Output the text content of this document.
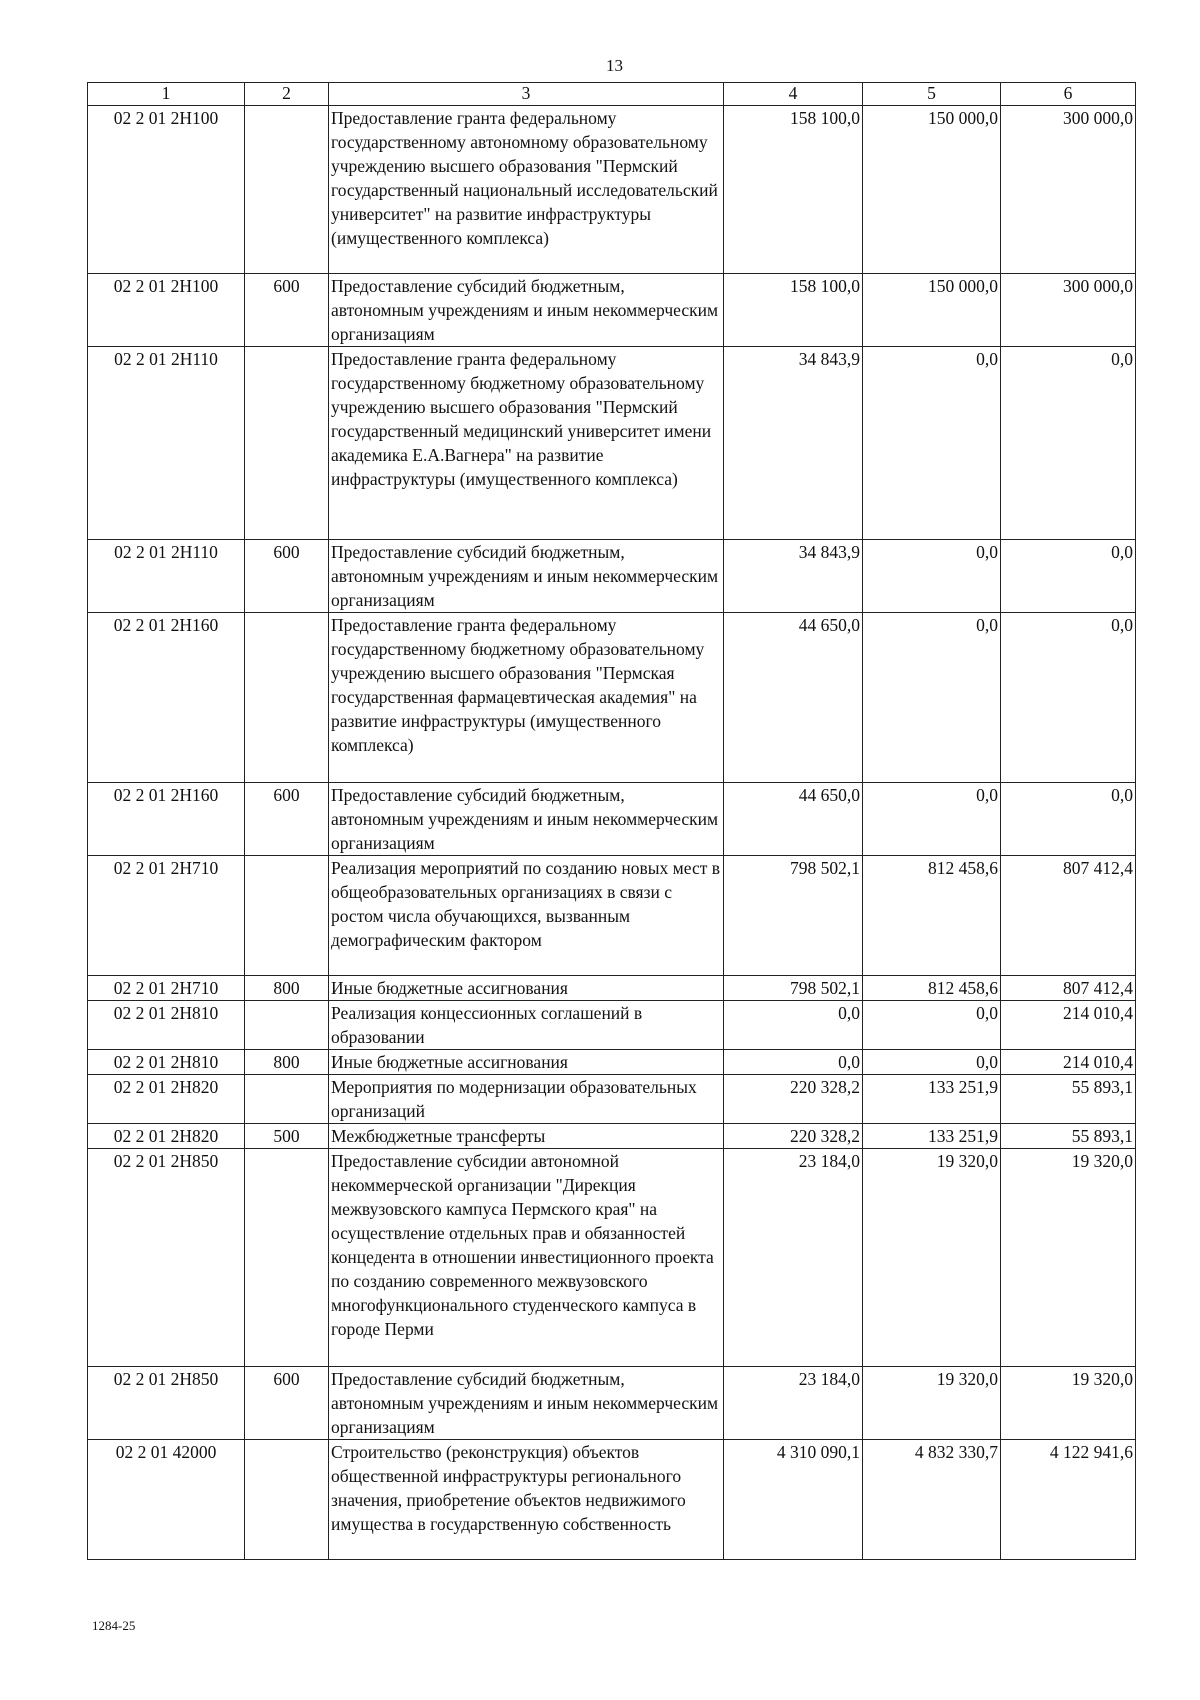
13
1	2	3	4	5	6
02 2 01 2Н100		Предоставление гранта федеральному государственному автономному образовательному учреждению высшего образования "Пермский государственный национальный исследовательский университет" на развитие инфраструктуры (имущественного комплекса)	158 100,0	150 000,0	300 000,0
02 2 01 2Н100	600	Предоставление субсидий бюджетным, автономным учреждениям и иным некоммерческим организациям	158 100,0	150 000,0	300 000,0
02 2 01 2Н110		Предоставление гранта федеральному государственному бюджетному образовательному учреждению высшего образования "Пермский государственный медицинский университет имени академика Е.А.Вагнера" на развитие инфраструктуры (имущественного комплекса)	34 843,9	0,0	0,0
02 2 01 2Н110	600	Предоставление субсидий бюджетным, автономным учреждениям и иным некоммерческим организациям	34 843,9	0,0	0,0
02 2 01 2Н160		Предоставление гранта федеральному государственному бюджетному образовательному учреждению высшего образования "Пермская государственная фармацевтическая академия" на развитие инфраструктуры (имущественного комплекса)	44 650,0	0,0	0,0
02 2 01 2Н160	600	Предоставление субсидий бюджетным, автономным учреждениям и иным некоммерческим организациям	44 650,0	0,0	0,0
02 2 01 2Н710		Реализация мероприятий по созданию новых мест в общеобразовательных организациях в связи с ростом числа обучающихся, вызванным демографическим фактором	798 502,1	812 458,6	807 412,4
02 2 01 2Н710	800	Иные бюджетные ассигнования	798 502,1	812 458,6	807 412,4
02 2 01 2Н810		Реализация концессионных соглашений в образовании	0,0	0,0	214 010,4
02 2 01 2Н810	800	Иные бюджетные ассигнования	0,0	0,0	214 010,4
02 2 01 2Н820		Мероприятия по модернизации образовательных организаций	220 328,2	133 251,9	55 893,1
02 2 01 2Н820	500	Межбюджетные трансферты	220 328,2	133 251,9	55 893,1
02 2 01 2Н850		Предоставление субсидии автономной некоммерческой организации "Дирекция межвузовского кампуса Пермского края" на осуществление отдельных прав и обязанностей концедента в отношении инвестиционного проекта по созданию современного межвузовского многофункционального студенческого кампуса в городе Перми	23 184,0	19 320,0	19 320,0
02 2 01 2Н850	600	Предоставление субсидий бюджетным, автономным учреждениям и иным некоммерческим организациям	23 184,0	19 320,0	19 320,0
02 2 01 42000		Строительство (реконструкция) объектов общественной инфраструктуры регионального значения, приобретение объектов недвижимого имущества в государственную собственность	4 310 090,1	4 832 330,7	4 122 941,6
1284-25
